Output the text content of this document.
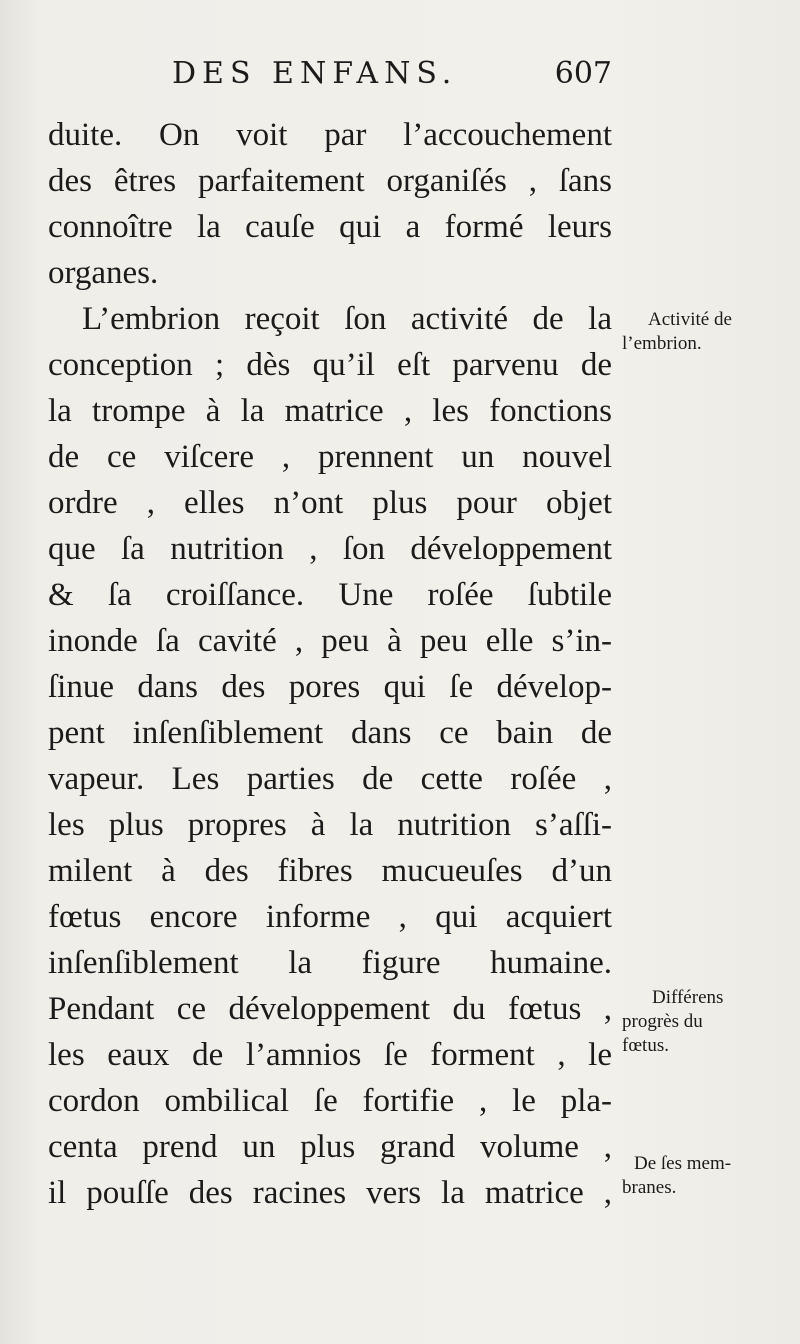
DES ENFANS.	607
duite. On voit par l’accouchement
des êtres parfaitement organiſés , ſans
connoître la cauſe qui a formé leurs
organes.
L’embrion reçoit ſon activité de la
conception ; dès qu’il eſt parvenu de
la trompe à la matrice , les fonctions
de ce viſcere , prennent un nouvel
ordre , elles n’ont plus pour objet
que ſa nutrition , ſon développement
& ſa croiſſance. Une roſée ſubtile
inonde ſa cavité , peu à peu elle s’in-
ſinue dans des pores qui ſe dévelop-
pent inſenſiblement dans ce bain de
vapeur. Les parties de cette roſée ,
les plus propres à la nutrition s’aſſi-
milent à des fibres mucueuſes d’un
fœtus encore informe , qui acquiert
inſenſiblement la figure humaine.
Pendant ce développement du fœtus ,
les eaux de l’amnios ſe forment , le
cordon ombilical ſe fortifie , le pla-
centa prend un plus grand volume ,
il pouſſe des racines vers la matrice ,
Activité de
l’embrion.
Différens
progrès du
fœtus.
De ſes mem-
branes.
